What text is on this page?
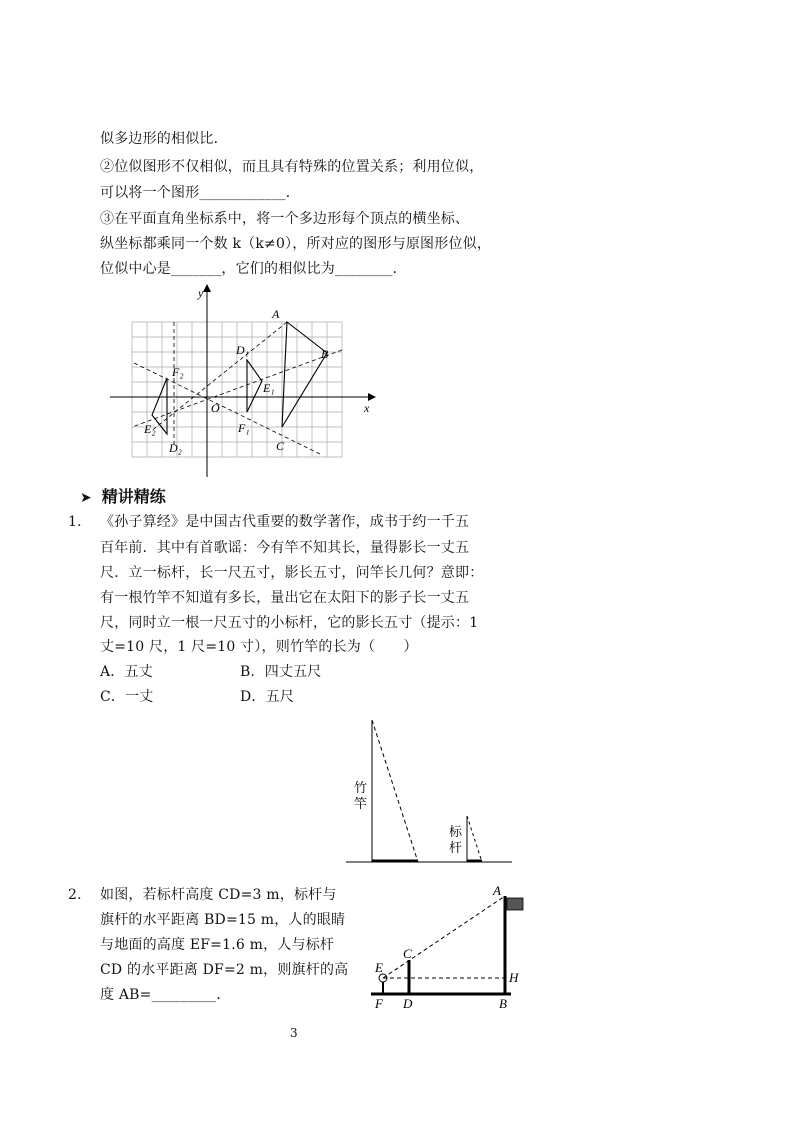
似多边形的相似比．
②位似图形不仅相似，而且具有特殊的位置关系；利用位似，
可以将一个图形____________．
③在平面直角坐标系中，将一个多边形每个顶点的横坐标、
纵坐标都乘同一个数 k（k≠0），所对应的图形与原图形位似，
位似中心是_______，它们的相似比为________．
A
B
C
D₁
E₁
F₁
D₂
E₂
F₂
O	x
y
➤ 精讲精练
1. 《孙子算经》是中国古代重要的数学著作，成书于约一千五
百年前．其中有首歌谣：今有竿不知其长，量得影长一丈五
尺．立一标杆，长一尺五寸，影长五寸，问竿长几何？意即：
有一根竹竿不知道有多长，量出它在太阳下的影子长一丈五
尺，同时立一根一尺五寸的小标杆，它的影长五寸（提示：1
丈=10 尺，1 尺=10 寸），则竹竿的长为（　　）
A．五丈	B．四丈五尺
C．一丈	D．五尺
竹
竿
标
杆
2. 如图，若标杆高度 CD=3 m，标杆与
旗杆的水平距离 BD=15 m，人的眼睛
与地面的高度 EF=1.6 m，人与标杆
CD 的水平距离 DF=2 m，则旗杆的高
度 AB=_________．
A
B
C
D
E
F
H
3
